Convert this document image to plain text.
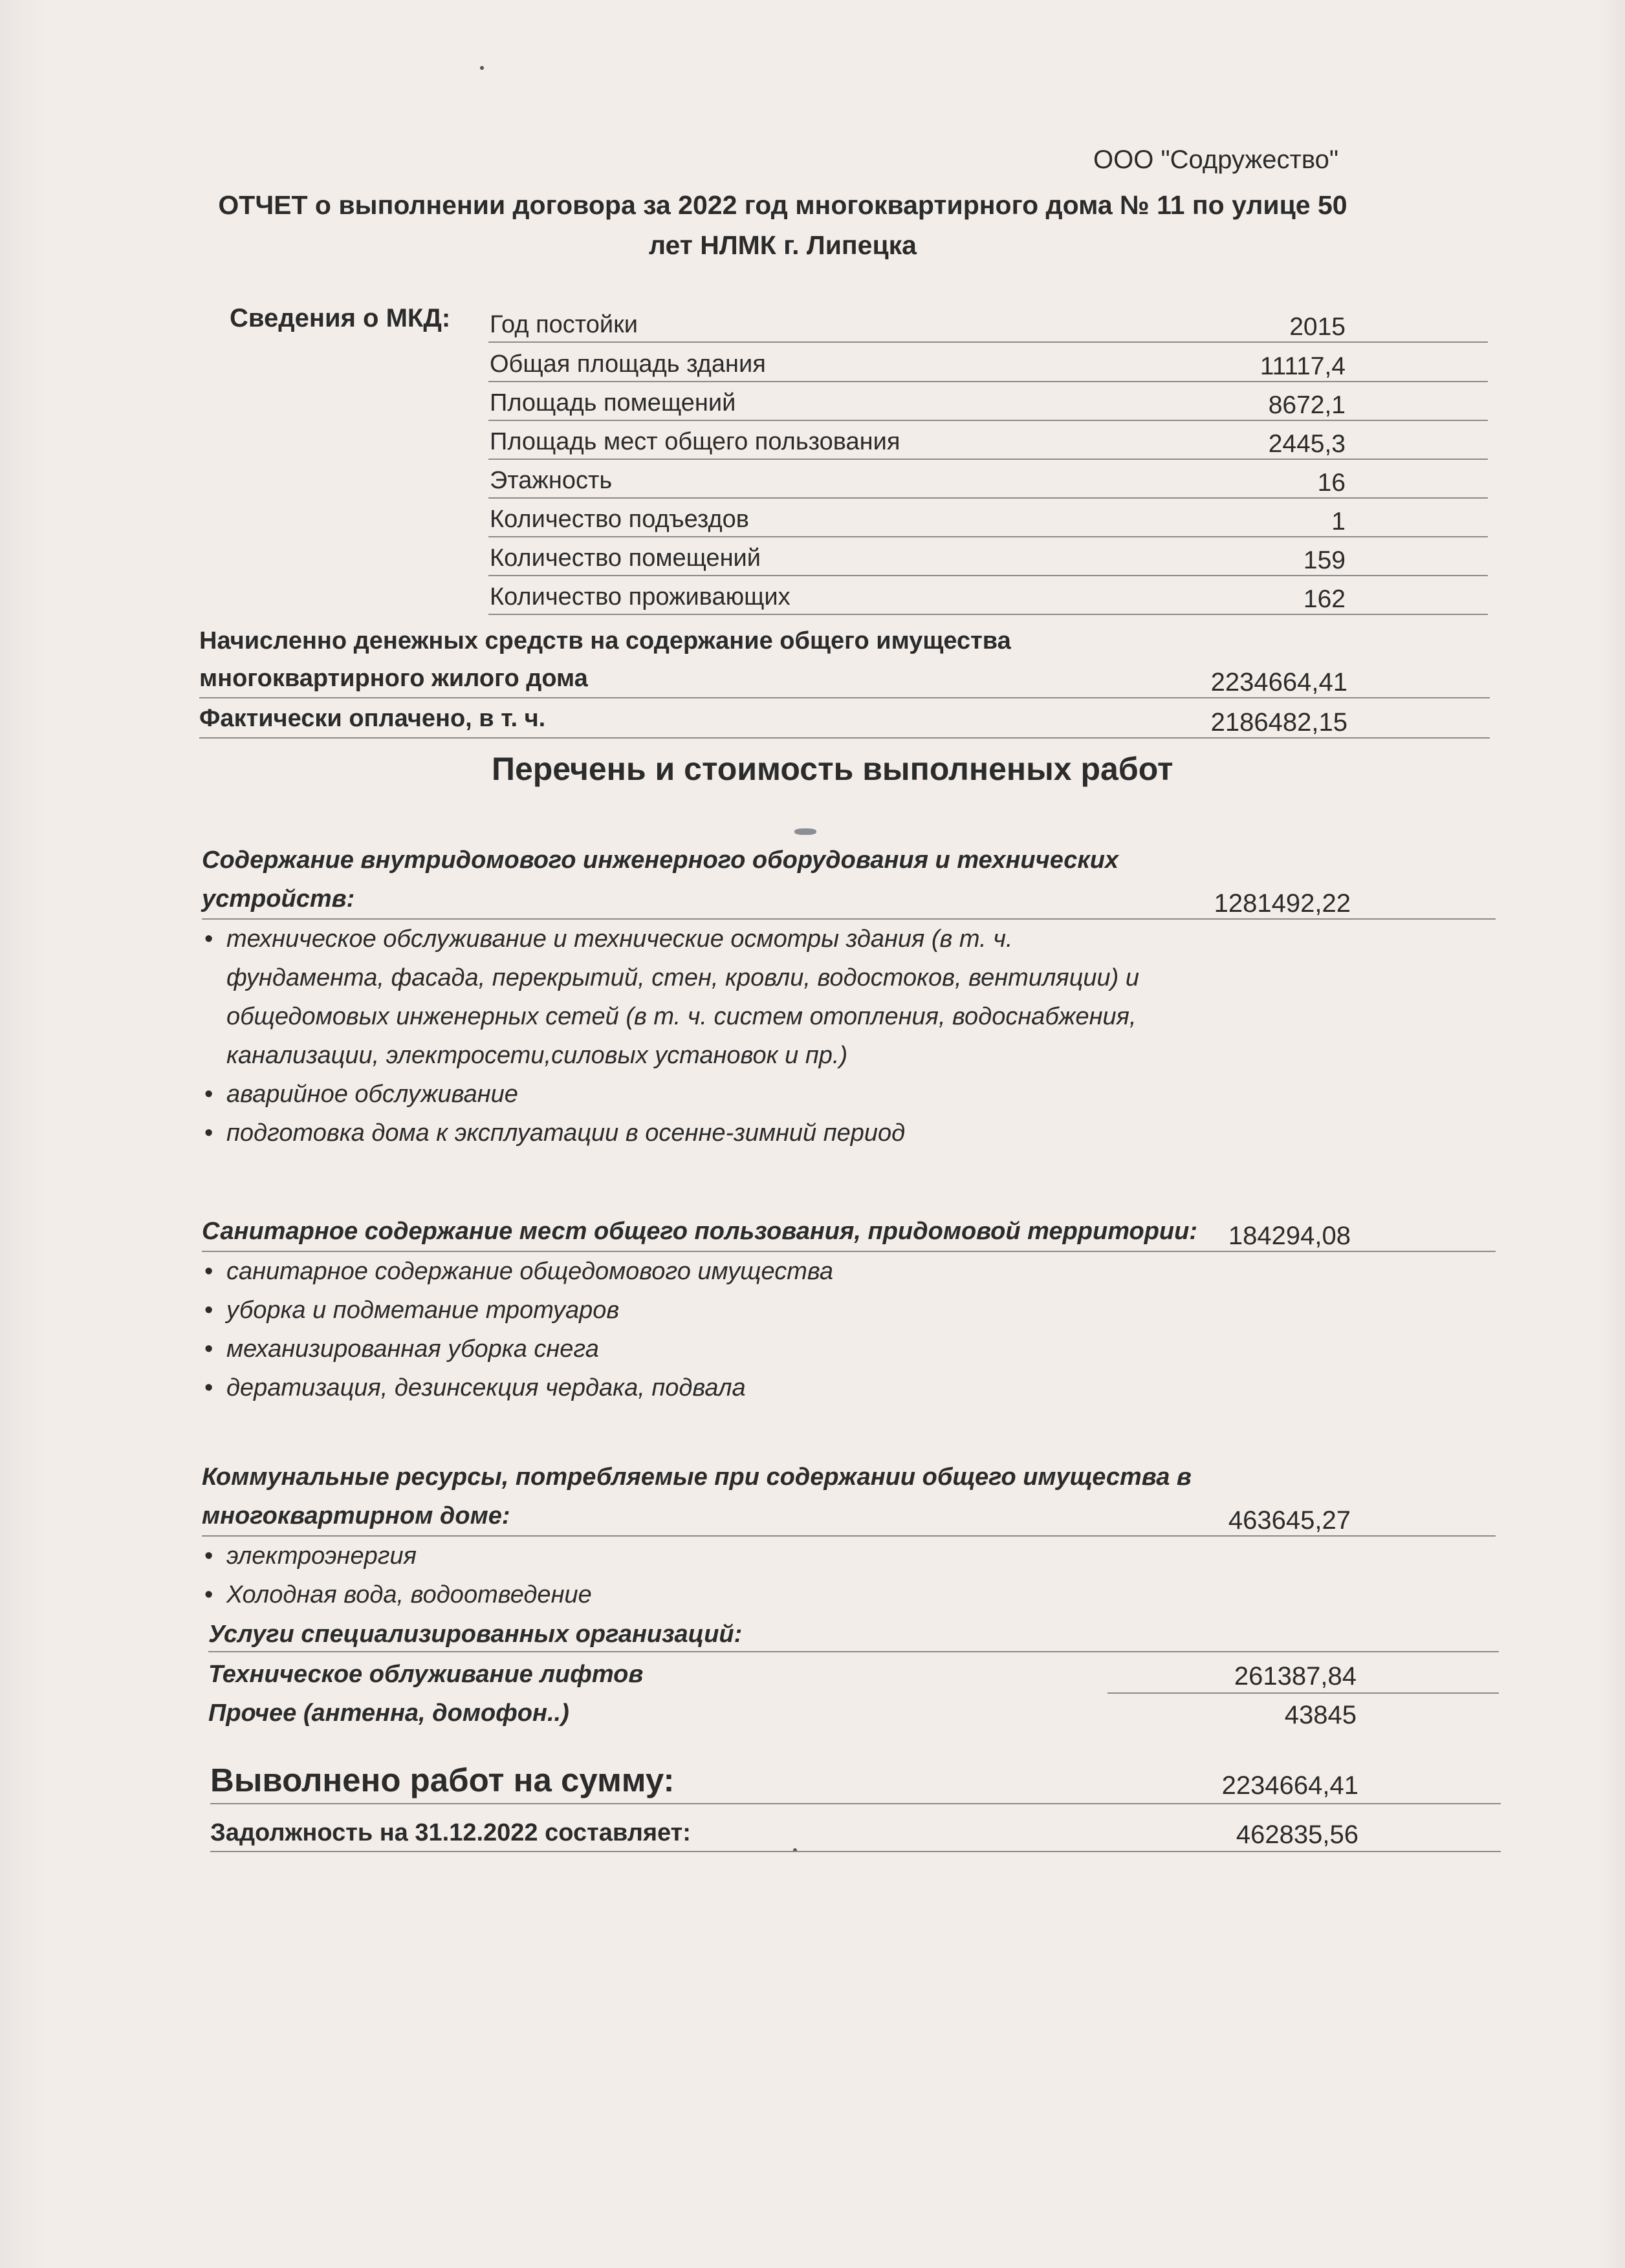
ООО "Содружество"
ОТЧЕТ о выполнении договора за 2022 год многоквартирного дома № 11 по улице 50 лет НЛМК г. Липецка
Сведения о МКД: Год постойки	2015
Общая площадь здания	11117,4
Площадь помещений	8672,1
Площадь мест общего пользования	2445,3
Этажность	16
Количество подъездов	1
Количество помещений	159
Количество проживающих	162
Начисленно денежных средств на содержание общего имущества многоквартирного жилого дома	2234664,41
Фактически оплачено, в т. ч.	2186482,15
Перечень и стоимость выполненых работ
Содержание внутридомового инженерного оборудования и технических устройств:	1281492,22
• техническое обслуживание и технические осмотры здания (в т. ч. фундамента, фасада, перекрытий, стен, кровли, водостоков, вентиляции) и общедомовых инженерных сетей (в т. ч. систем отопления, водоснабжения, канализации, электросети,силовых установок и пр.)
• аварийное обслуживание
• подготовка дома к эксплуатации в осенне-зимний период
Санитарное содержание мест общего пользования, придомовой территории: 184294,08
• санитарное содержание общедомового имущества
• уборка и подметание тротуаров
• механизированная уборка снега
• дератизация, дезинсекция чердака, подвала
Коммунальные ресурсы, потребляемые при содержании общего имущества в многоквартирном доме:	463645,27
• электроэнергия
• Холодная вода, водоотведение
Услуги специализированных организаций:
Техническое облуживание лифтов	261387,84
Прочее (антенна, домофон..)	43845
Выволнено работ на сумму:	2234664,41
Задолжность на 31.12.2022 составляет:	462835,56
